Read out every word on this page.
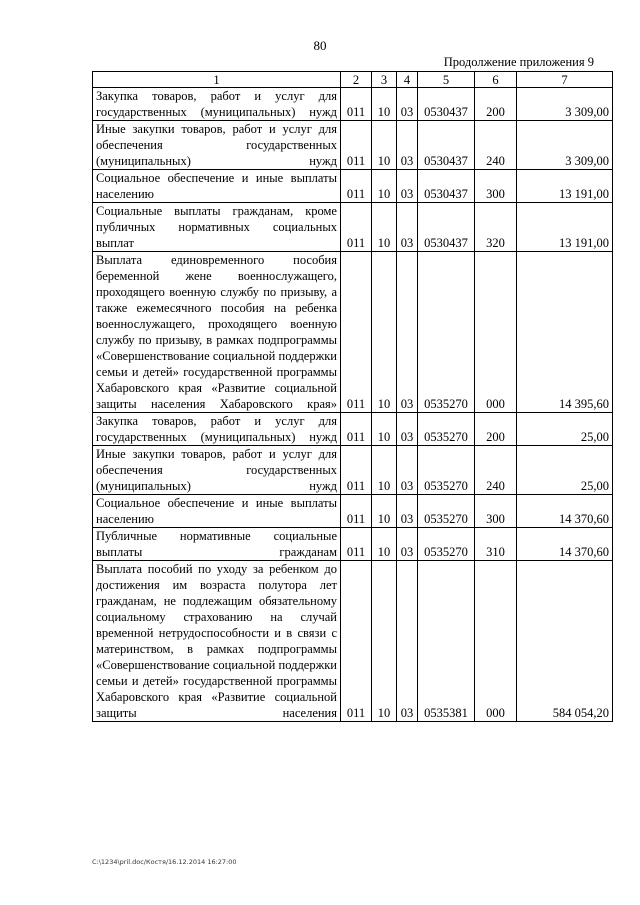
80
Продолжение приложения 9
1	2	3	4	5	6	7
Закупка товаров, работ и услуг для государственных (муниципальных) нужд	011	10	03	0530437	200	3 309,00
Иные закупки товаров, работ и услуг для обеспечения государственных (муниципальных) нужд	011	10	03	0530437	240	3 309,00
Социальное обеспечение и иные выплаты населению	011	10	03	0530437	300	13 191,00
Социальные выплаты гражданам, кроме публичных нормативных социальных выплат	011	10	03	0530437	320	13 191,00
Выплата единовременного пособия беременной жене военнослужащего, проходящего военную службу по призыву, а также ежемесячного пособия на ребенка военнослужащего, проходящего военную службу по призыву, в рамках подпрограммы «Совершенствование социальной поддержки семьи и детей» государственной программы Хабаровского края «Развитие социальной защиты населения Хабаровского края»	011	10	03	0535270	000	14 395,60
Закупка товаров, работ и услуг для государственных (муниципальных) нужд	011	10	03	0535270	200	25,00
Иные закупки товаров, работ и услуг для обеспечения государственных (муниципальных) нужд	011	10	03	0535270	240	25,00
Социальное обеспечение и иные выплаты населению	011	10	03	0535270	300	14 370,60
Публичные нормативные социальные выплаты гражданам	011	10	03	0535270	310	14 370,60
Выплата пособий по уходу за ребенком до достижения им возраста полутора лет гражданам, не подлежащим обязательному социальному страхованию на случай временной нетрудоспособности и в связи с материнством, в рамках подпрограммы «Совершенствование социальной поддержки семьи и детей» государственной программы Хабаровского края «Развитие социальной защиты населения	011	10	03	0535381	000	584 054,20
C:\1234\pril.doc/Костя/16.12.2014 16:27:00
